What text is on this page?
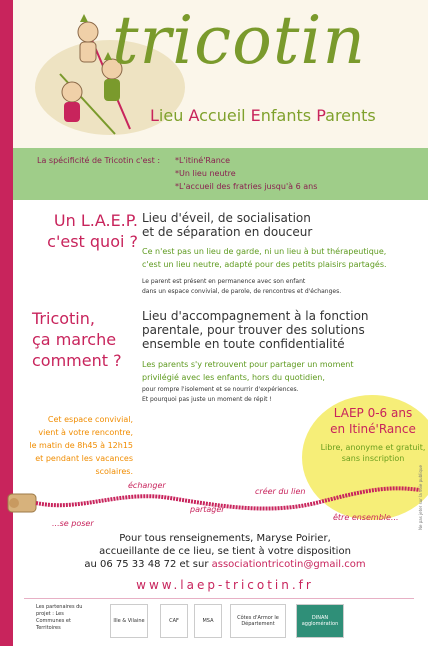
tricotin
Lieu Accueil Enfants Parents
La spécificité de Tricotin c'est : *L'itiné'Rance
*Un lieu neutre
*L'accueil des fratries jusqu'à 6 ans
Un L.A.E.P.
c'est quoi ?
Lieu d'éveil, de socialisation
et de séparation en douceur
Ce n'est pas un lieu de garde, ni un lieu à but thérapeutique,
c'est un lieu neutre, adapté pour des petits plaisirs partagés.
Le parent est présent en permanence avec son enfant
dans un espace convivial, de parole, de rencontres et d'échanges.
Tricotin,
ça marche
comment ?
Lieu d'accompagnement à la fonction
parentale, pour trouver des solutions
ensemble en toute confidentialité
Les parents s'y retrouvent pour partager un moment
privilégié avec les enfants, hors du quotidien,
pour rompre l'isolement et se nourrir d'expériences.
Et pourquoi pas juste un moment de répit !
Cet espace convivial,
vient à votre rencontre,
le matin de 8h45 à 12h15
et pendant les vacances
scolaires.
LAEP 0-6 ans
en Itiné'Rance
Libre, anonyme et gratuit,
sans inscription
...se poser
échanger
partager
créer du lien
être ensemble...
Pour tous renseignements, Maryse Poirier,
accueillante de ce lieu, se tient à votre disposition
au 06 75 33 48 72 et sur associationtricotin@gmail.com
www.laep-tricotin.fr
Les partenaires du projet : Les Communes et Territoires
Ille & Vilaine	CAF	MSA	Côtes d'Armor le Département
DINAN agglomération
Ne pas jeter sur la voie publique
